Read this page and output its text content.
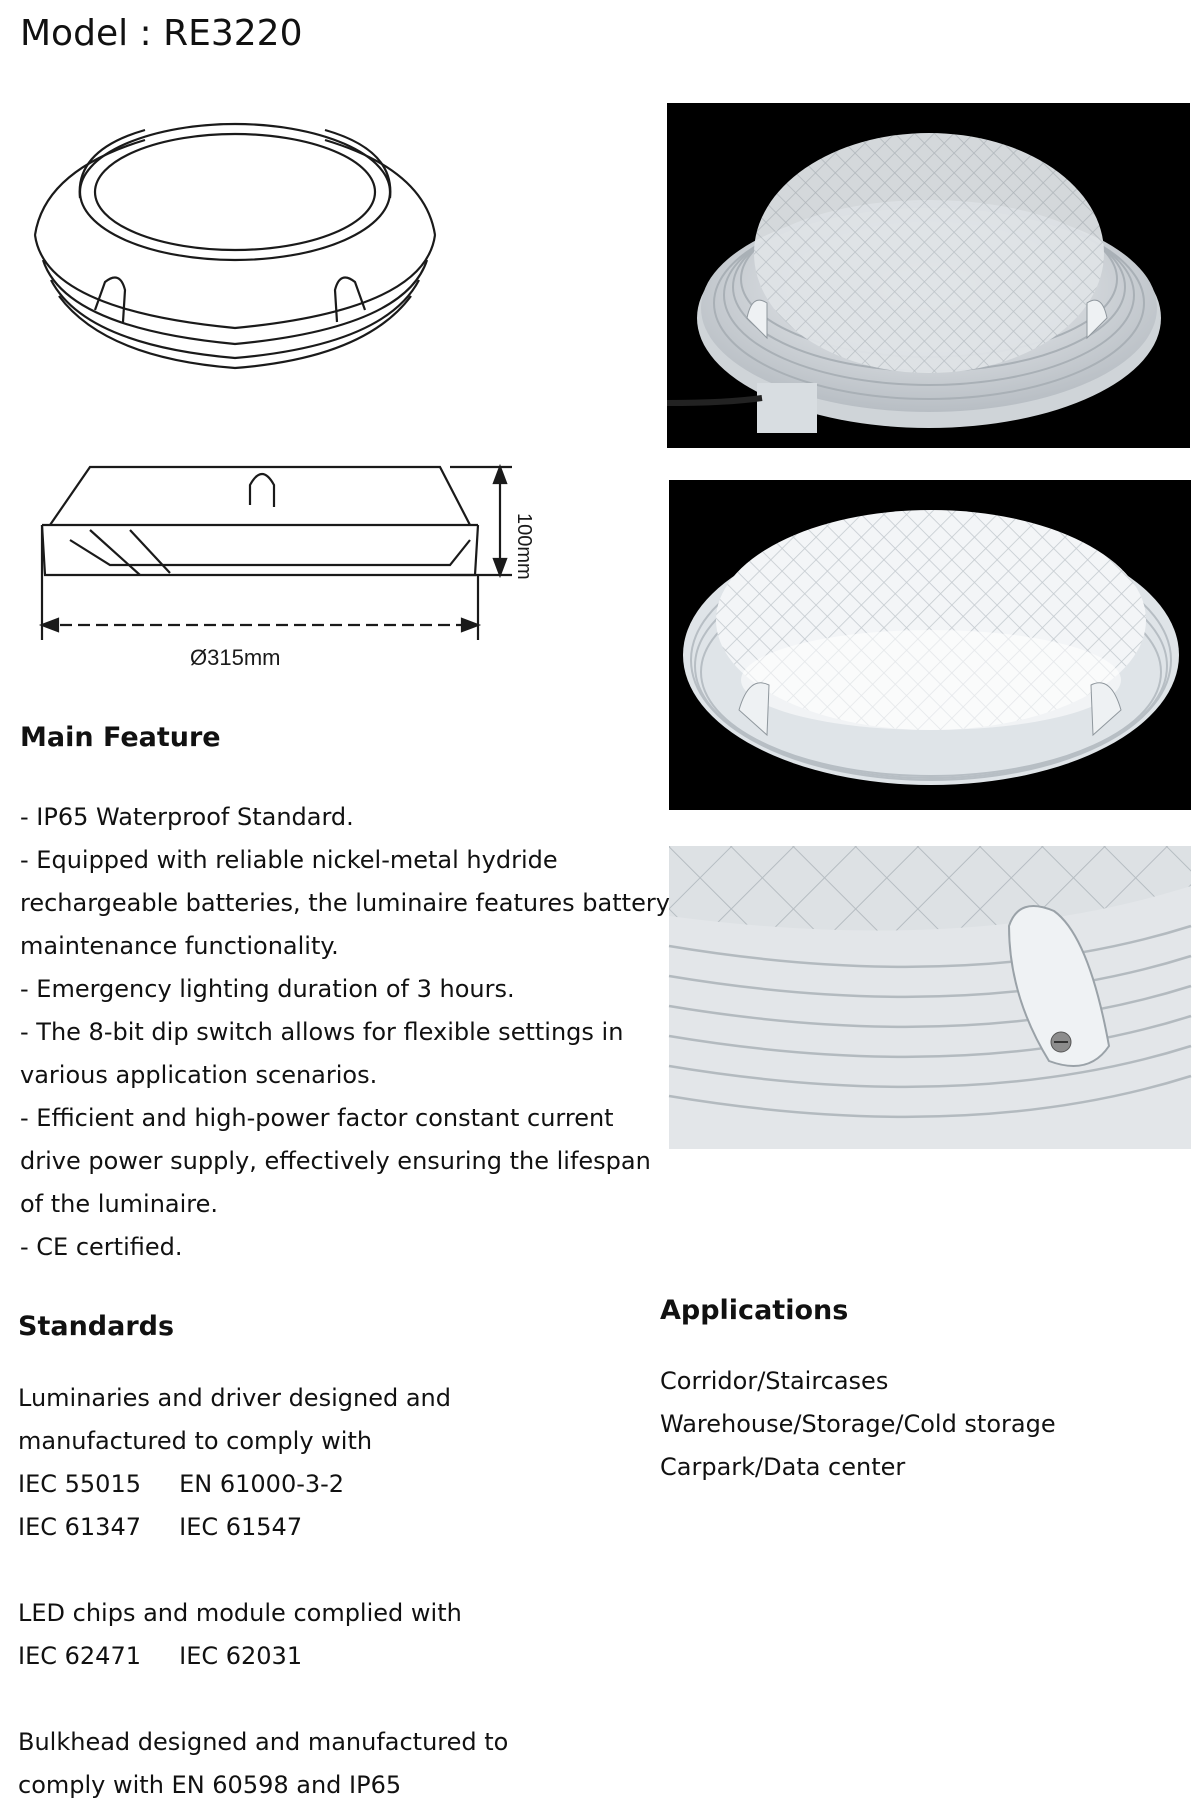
Model : RE3220
Ø315mm
100mm
Main Feature
- IP65 Waterproof Standard.
- Equipped with reliable nickel-metal hydride
rechargeable batteries, the luminaire features battery
maintenance functionality.
- Emergency lighting duration of 3 hours.
- The 8-bit dip switch allows for flexible settings in
various application scenarios.
- Efficient and high-power factor constant current
drive power supply, effectively ensuring the lifespan
of the luminaire.
- CE certified.
Standards
Luminaries and driver designed and
manufactured to comply with
IEC 55015     EN 61000-3-2
IEC 61347     IEC 61547
LED chips and module complied with
IEC 62471     IEC 62031
Bulkhead designed and manufactured to
comply with EN 60598 and IP65
Applications
Corridor/Staircases
Warehouse/Storage/Cold storage
Carpark/Data center
